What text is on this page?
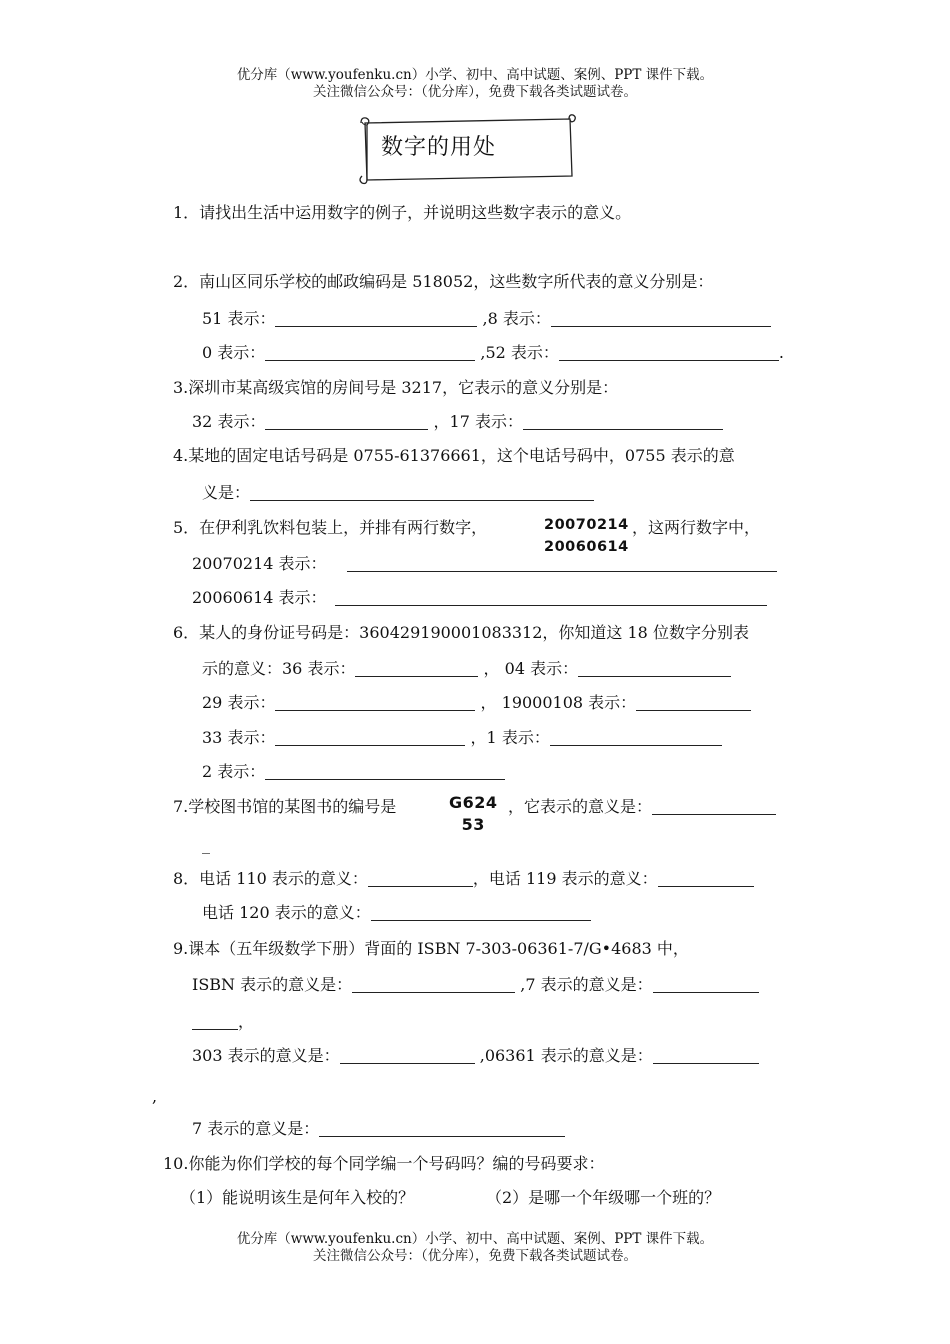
优分库（www.youfenku.cn）小学、初中、高中试题、案例、PPT 课件下载。
关注微信公众号：（优分库），免费下载各类试题试卷。
数字的用处
1．请找出生活中运用数字的例子，并说明这些数字表示的意义。
2．南山区同乐学校的邮政编码是 518052，这些数字所代表的意义分别是：
51 表示：	,8 表示：
0 表示：	,52 表示：	.
3.深圳市某高级宾馆的房间号是 3217，它表示的意义分别是：
32 表示：	，17 表示：
4.某地的固定电话号码是 0755-61376661，这个电话号码中，0755 表示的意
义是：
5．在伊利乳饮料包装上，并排有两行数字，	20070214
20060614
，这两行数字中，
20070214 表示：
20060614 表示：
6．某人的身份证号码是：360429190001083312，你知道这 18 位数字分别表
示的意义：36 表示：	， 04 表示：
29 表示：	， 19000108 表示：
33 表示：	，1 表示：
2 表示：
7.学校图书馆的某图书的编号是	G624
53
，它表示的意义是：
_
8．电话 110 表示的意义：	，电话 119 表示的意义：
电话 120 表示的意义：
9.课本（五年级数学下册）背面的 ISBN 7-303-06361-7/G•4683 中，
ISBN 表示的意义是：	,7 表示的意义是：
，
303 表示的意义是：	,06361 表示的意义是：
,
7 表示的意义是：
10.你能为你们学校的每个同学编一个号码吗？编的号码要求：
（1）能说明该生是何年入校的？	（2）是哪一个年级哪一个班的？
优分库（www.youfenku.cn）小学、初中、高中试题、案例、PPT 课件下载。
关注微信公众号：（优分库），免费下载各类试题试卷。
